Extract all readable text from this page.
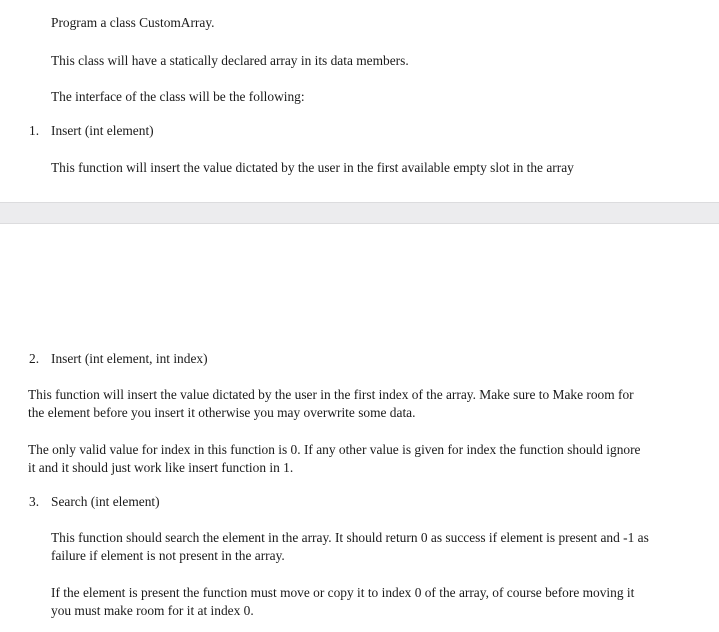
Program a class CustomArray.
This class will have a statically declared array in its data members.
The interface of the class will be the following:
1. Insert (int element)
This function will insert the value dictated by the user in the first available empty slot in the array
2. Insert (int element, int index)
This function will insert the value dictated by the user in the first index of the array. Make sure to Make room for
the element before you insert it otherwise you may overwrite some data.
The only valid value for index in this function is 0. If any other value is given for index the function should ignore
it and it should just work like insert function in 1.
3. Search (int element)
This function should search the element in the array. It should return 0 as success if element is present and -1 as
failure if element is not present in the array.
If the element is present the function must move or copy it to index 0 of the array, of course before moving it
you must make room for it at index 0.
